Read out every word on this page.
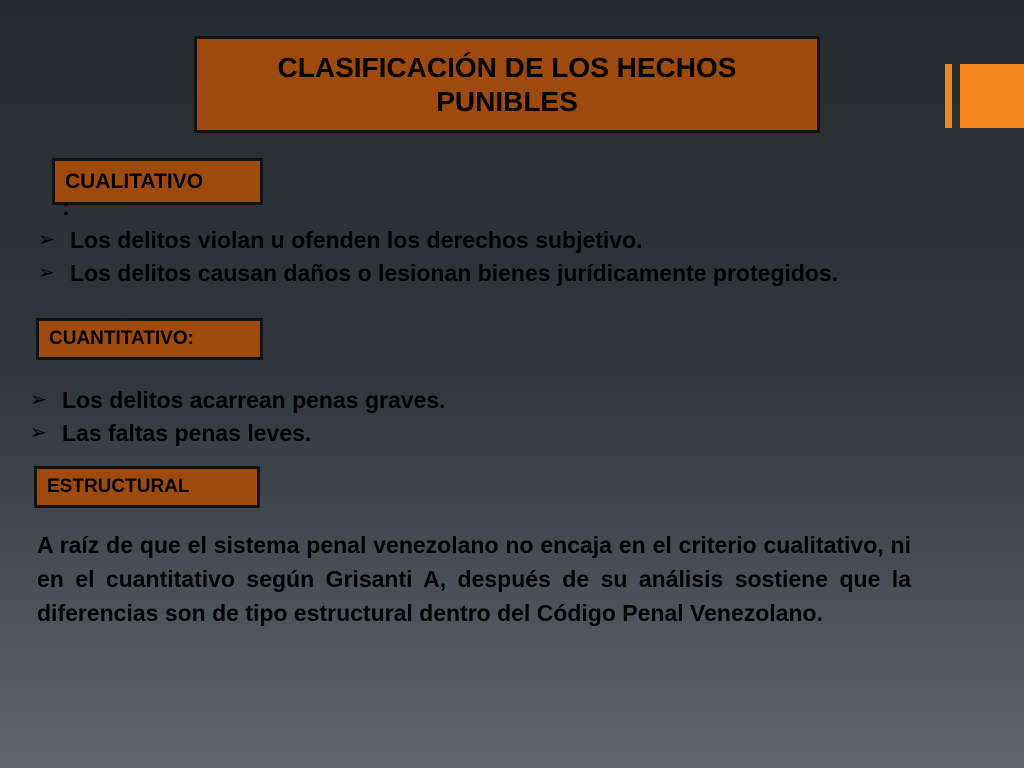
CLASIFICACIÓN DE LOS HECHOS PUNIBLES
CUALITATIVO
:
➢ Los delitos violan u ofenden los derechos subjetivo.
➢ Los delitos causan daños o lesionan bienes jurídicamente protegidos.
CUANTITATIVO:
➢ Los delitos acarrean penas graves.
➢ Las faltas penas leves.
ESTRUCTURAL

A raíz de que el sistema penal venezolano no encaja en el criterio cualitativo, ni en el cuantitativo según Grisanti A, después de su análisis sostiene que la diferencias son de tipo estructural dentro del Código Penal Venezolano.
